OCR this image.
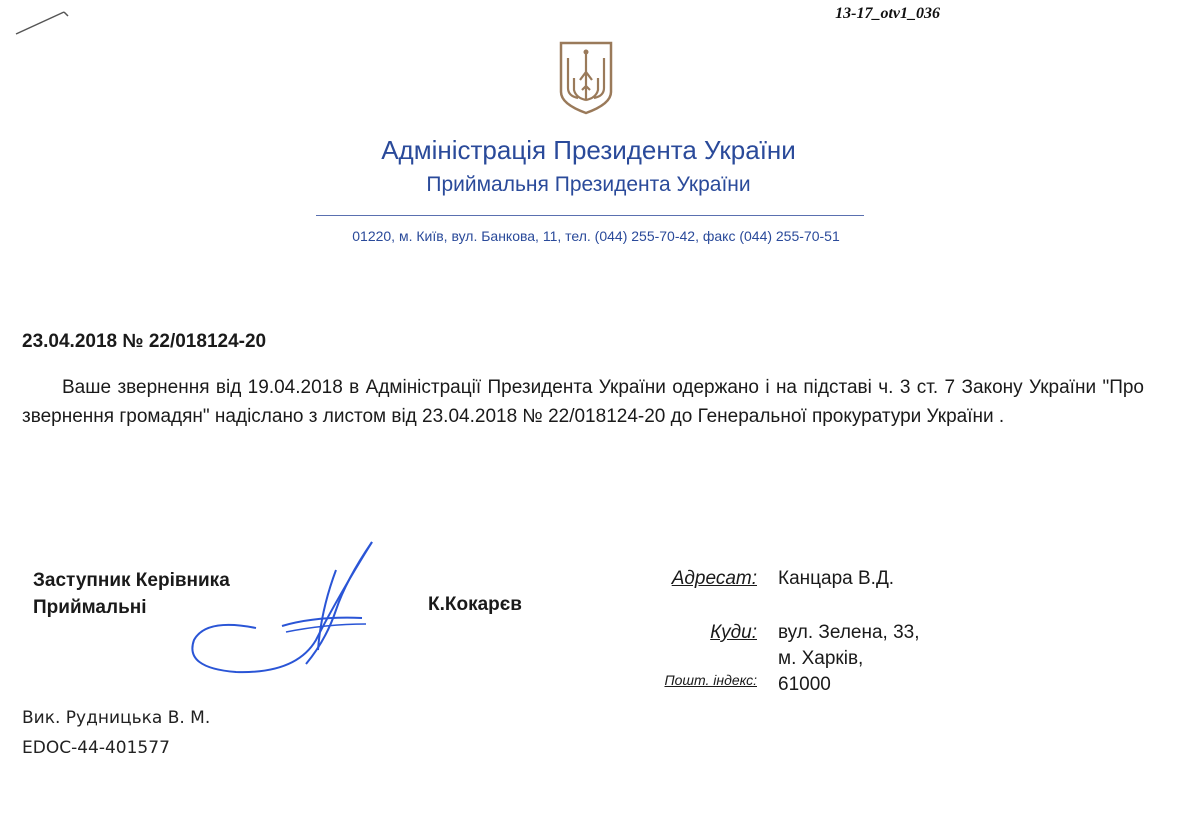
13-17_otv1_036
Адміністрація Президента України
Приймальня Президента України
01220, м. Київ, вул. Банкова, 11, тел. (044) 255-70-42, факс (044) 255-70-51
23.04.2018 № 22/018124-20
Ваше звернення від 19.04.2018 в Адміністрації Президента України одержано і на підставі ч. 3 ст. 7 Закону України "Про звернення громадян" надіслано з листом від 23.04.2018 № 22/018124-20 до Генеральної прокуратури України .
Заступник Керівника
Приймальні	К.Кокарєв
Адресат: Канцара В.Д.
Куди: вул. Зелена, 33,
м. Харків,
Пошт. індекс: 61000
Вик. Рудницька В. М.
EDOC-44-401577
